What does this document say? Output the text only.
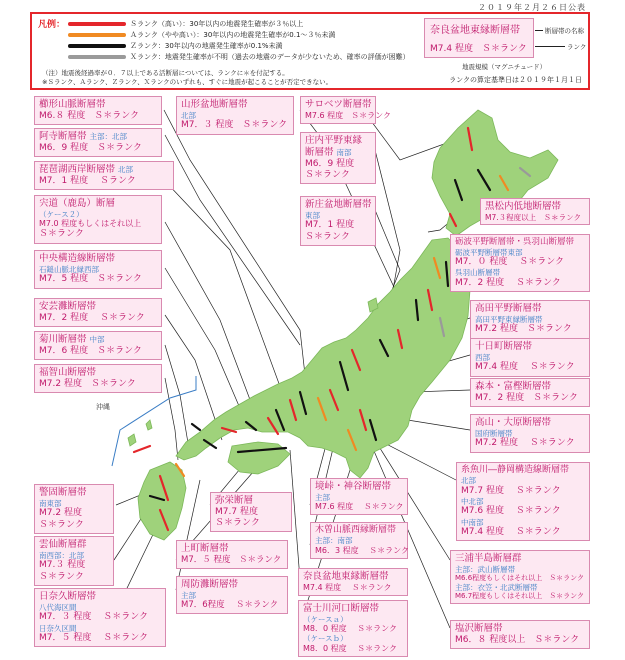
２０１９年２月２６日公表
凡例：	Ｓランク（高い）：30年以内の地震発生確率が３％以上
Ａランク（やや高い）：30年以内の地震発生確率が0.1～３％未満
Ｚランク：30年以内の地震発生確率が0.1%未満
Ｘランク：地震発生確率が不明（過去の地震のデータが少ないため、確率の評価が困難）
（注）地震後経過率が０．７以上である活断層については、ランクに＊を付記する。
※Ｓランク、Ａランク、Ｚランク、Ｘランクのいずれも、すぐに地震が起こることが否定できない。
奈良盆地東縁断層帯
M7.4 程度　Ｓ＊ランク
断層帯の名称
ランク
地震規模（マグニチュード）
ランクの算定基準日は２０１９年１月１日
沖縄
櫛形山脈断層帯
M6.８ 程度　Ｓ＊ランク
阿寺断層帯 主部：北部
M6．9 程度　Ｓ＊ランク
琵琶湖西岸断層帯 北部
M7．1 程度　 Ｓランク
宍道（鹿島）断層
（ケース２）
M7.0 程度もしくはそれ以上
Ｓ＊ランク
中央構造線断層帯
石鎚山脈北縁西部
M7．5 程度　Ｓ＊ランク
安芸灘断層帯
M7．2 程度　 Ｓ＊ランク
菊川断層帯 中部
M7．6 程度　Ｓ＊ランク
福智山断層帯
M7.2 程度　Ｓ＊ランク
山形盆地断層帯
北部
M7．３ 程度　Ｓ＊ランク
サロベツ断層帯
M7.6 程度　Ｓ＊ランク
庄内平野東縁
断層帯 南部
M6．9 程度
Ｓ＊ランク
新庄盆地断層帯
東部
M7．1 程度
Ｓ＊ランク
黒松内低地断層帯
M7.３程度以上　Ｓ＊ランク
砺波平野断層帯・呉羽山断層帯
砺波平野断層帯東部
M7．０ 程度　 Ｓ＊ランク
呉羽山断層帯
M7．2 程度　 Ｓ＊ランク
高田平野断層帯
高田平野東縁断層帯
M7.2 程度　Ｓ＊ランク
十日町断層帯
西部
M7.4 程度　 Ｓ＊ランク
森本・富樫断層帯
M7．2 程度　Ｓ＊ランク
高山・大原断層帯
国府断層帯
M7.2 程度　 Ｓ＊ランク
糸魚川―静岡構造線断層帯
北部
M7.7 程度　 Ｓ＊ランク
中北部
M7.6 程度　 Ｓ＊ランク
中南部
M7.4 程度　 Ｓ＊ランク
三浦半島断層群
主部：武山断層帯
M6.6程度もしくはそれ以上　Ｓ＊ランク
主部：衣笠・北武断層帯
M6.7程度もしくはそれ以上　Ｓ＊ランク
塩沢断層帯
M6．８ 程度以上　Ｓ＊ランク
警固断層帯
南東部
M7.2 程度
Ｓ＊ランク
雲仙断層群
南西部：北部
M7.３ 程度
Ｓ＊ランク
日奈久断層帯
八代海区間
M7．３ 程度　 Ｓ＊ランク
日奈久区間
M7．５ 程度　 Ｓ＊ランク
弥栄断層
M7.7 程度
Ｓ＊ランク
上町断層帯
M7．５ 程度　Ｓ＊ランク
周防灘断層帯
主部
M7．6程度　 Ｓ＊ランク
境峠・神谷断層帯
主部
M7.6 程度　 Ｓ＊ランク
木曽山脈西縁断層帯
主部：南部
M6．3 程度　 Ｓ＊ランク
奈良盆地東縁断層帯
M7.4 程度　 Ｓ＊ランク
富士川河口断層帯
（ケースａ）
M8．0 程度　 Ｓ＊ランク
（ケースｂ）
M8．0 程度　 Ｓ＊ランク
